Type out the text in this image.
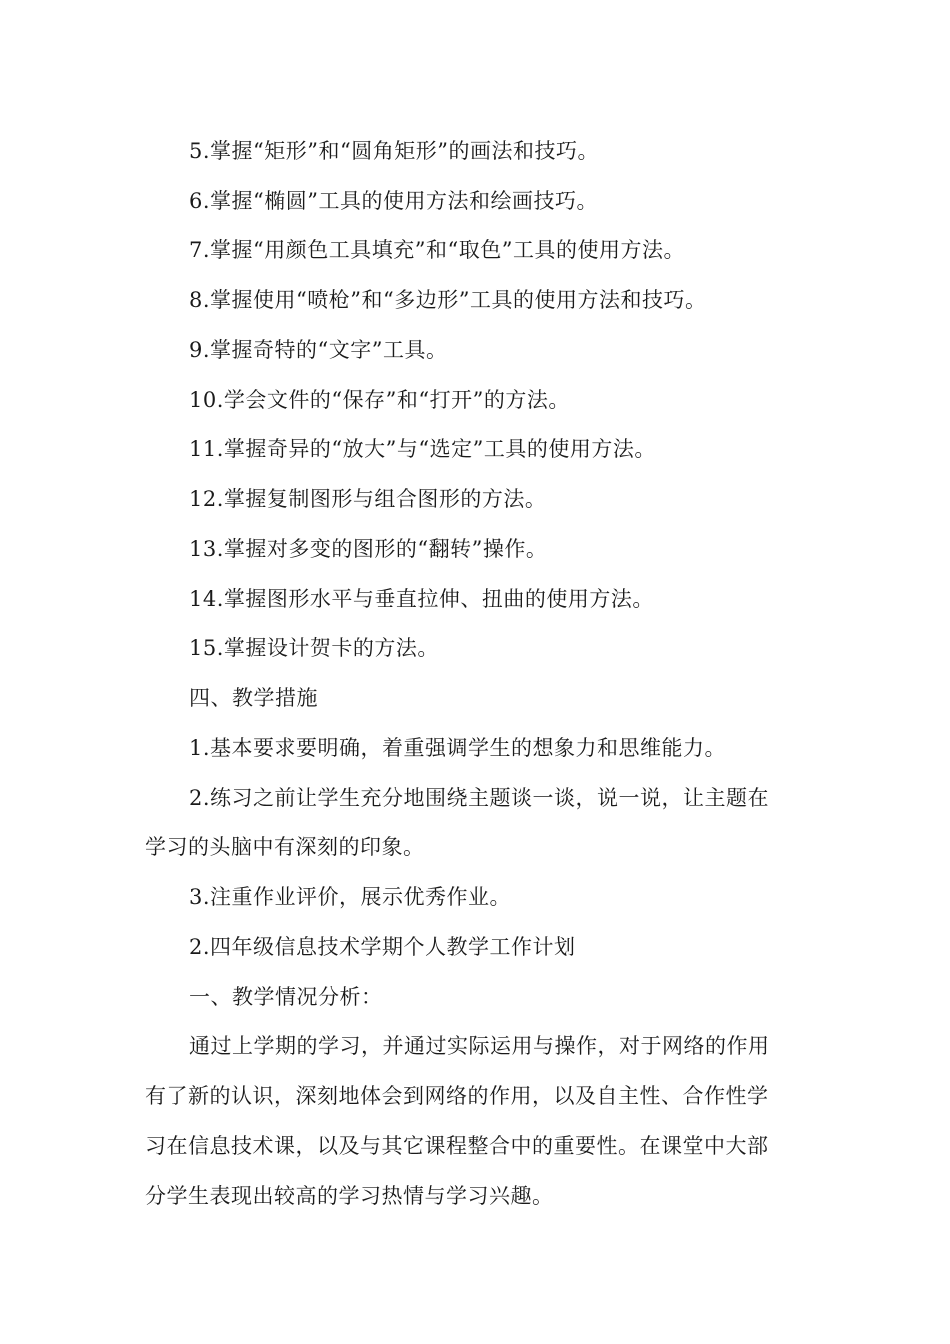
5.掌握“矩形”和“圆角矩形”的画法和技巧。
6.掌握“椭圆”工具的使用方法和绘画技巧。
7.掌握“用颜色工具填充”和“取色”工具的使用方法。
8.掌握使用“喷枪”和“多边形”工具的使用方法和技巧。
9.掌握奇特的“文字”工具。
10.学会文件的“保存”和“打开”的方法。
11.掌握奇异的“放大”与“选定”工具的使用方法。
12.掌握复制图形与组合图形的方法。
13.掌握对多变的图形的“翻转”操作。
14.掌握图形水平与垂直拉伸、扭曲的使用方法。
15.掌握设计贺卡的方法。
四、教学措施
1.基本要求要明确，着重强调学生的想象力和思维能力。
2.练习之前让学生充分地围绕主题谈一谈，说一说，让主题在
学习的头脑中有深刻的印象。
3.注重作业评价，展示优秀作业。
2.四年级信息技术学期个人教学工作计划
一、教学情况分析：
通过上学期的学习，并通过实际运用与操作，对于网络的作用
有了新的认识，深刻地体会到网络的作用，以及自主性、合作性学
习在信息技术课，以及与其它课程整合中的重要性。在课堂中大部
分学生表现出较高的学习热情与学习兴趣。
